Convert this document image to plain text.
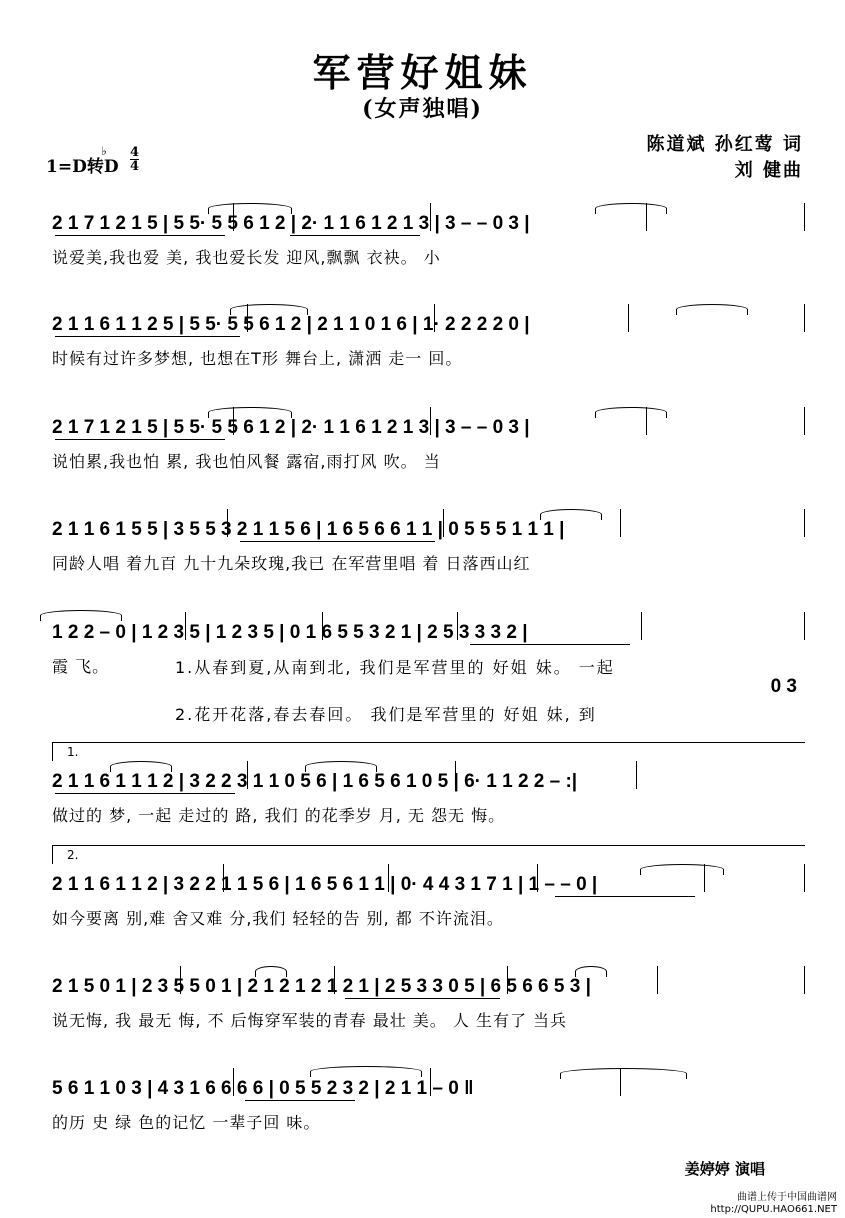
军营好姐妹
(女声独唱)
陈道斌 孙红莺 词
刘 健曲
1=
♭
D转D
4
4
2 1 7 1 2 1 5 | 5 5· 5 5 6 1 2 | 2· 1 1 6 1 2 1 3 | 3 – – 0 3 |
说爱美,我也爱 美, 我也爱长发 迎风,飘飘 衣袂。 小
2 1 1 6 1 1 2 5 | 5 5· 5 5 6 1 2 | 2 1 1 0 1 6 | 1· 2 2 2 2 0 |
时候有过许多梦想, 也想在T形 舞台上, 潇洒 走一 回。
2 1 7 1 2 1 5 | 5 5· 5 5 6 1 2 | 2· 1 1 6 1 2 1 3 | 3 – – 0 3 |
说怕累,我也怕 累, 我也怕风餐 露宿,雨打风 吹。 当
2 1 1 6 1 5 5 | 3 5 5 3 2 1 1 5 6 | 1 6 5 6 6 1 1 | 0 5 5 5 1 1 1 |
同龄人唱 着九百 九十九朵玫瑰,我已 在军营里唱 着 日落西山红
1 2 2 – 0 | 1 2 3 5 | 1 2 3 5 | 0 1 6 5 5 3 2 1 | 2 5 3 3 3 2 |
霞 飞。	1.从春到夏,从南到北, 我们是军营里的 好姐 妹。 一起
0 3
2.花开花落,春去春回。 我们是军营里的 好姐 妹, 到
1.
2 1 1 6 1 1 1 2 | 3 2 2 3 1 1 0 5 6 | 1 6 5 6 1 0 5 | 6· 1 1 2 2 – :|
做过的 梦, 一起 走过的 路, 我们 的花季岁 月, 无 怨无 悔。
2.
2 1 1 6 1 1 2 | 3 2 2 1 1 5 6 | 1 6 5 6 1 1 | 0· 4 4 3 1 7 1 | 1 – – 0 |
如今要离 别,难 舍又难 分,我们 轻轻的告 别, 都 不许流泪。
2 1 5 0 1 | 2 3 5 5 0 1 | 2 1 2 1 2 1 2 1 | 2 5 3 3 0 5 | 6 5 6 6 5 3 |
说无悔, 我 最无 悔, 不 后悔穿军装的青春 最壮 美。 人 生有了 当兵
5 6 1 1 0 3 | 4 3 1 6 6 6 6 | 0 5 5 2 3 2 | 2 1 1 – 0 ‖
的历 史 绿 色的记忆 一辈子回 味。
姜婷婷 演唱
曲谱上传于中国曲谱网
http://QUPU.HAO661.NET
